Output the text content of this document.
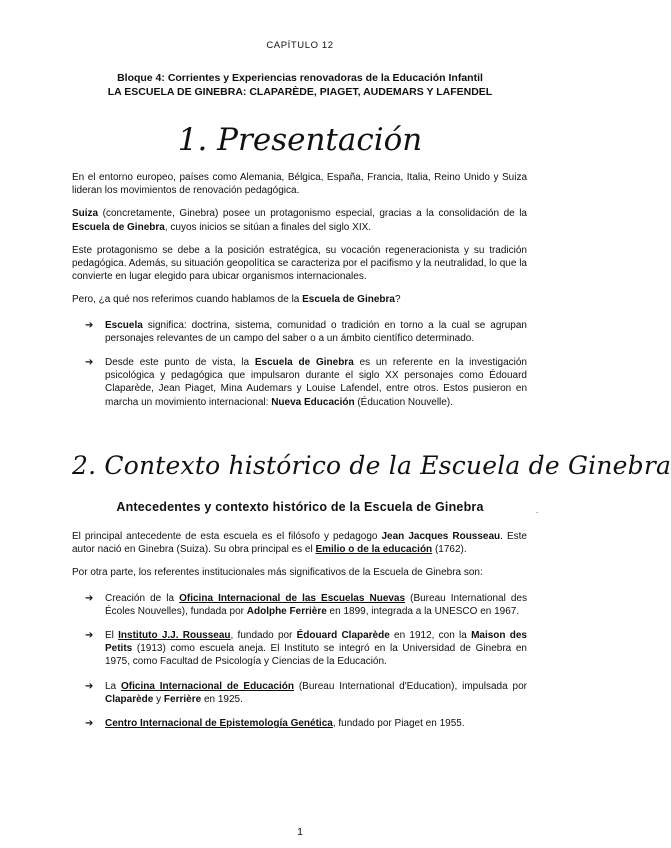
CAPÍTULO 12
Bloque 4: Corrientes y Experiencias renovadoras de la Educación Infantil
LA ESCUELA DE GINEBRA: CLAPARÈDE, PIAGET, AUDEMARS Y LAFENDEL
1. Presentación

En el entorno europeo, países como Alemania, Bélgica, España, Francia, Italia, Reino Unido y Suiza lideran los movimientos de renovación pedagógica.

Suiza (concretamente, Ginebra) posee un protagonismo especial, gracias a la consolidación de la Escuela de Ginebra, cuyos inicios se sitúan a finales del siglo XIX.

Este protagonismo se debe a la posición estratégica, su vocación regeneracionista y su tradición pedagógica. Además, su situación geopolítica se caracteriza por el pacifismo y la neutralidad, lo que la convierte en lugar elegido para ubicar organismos internacionales.

Pero, ¿a qué nos referimos cuando hablamos de la Escuela de Ginebra?

➔ Escuela significa: doctrina, sistema, comunidad o tradición en torno a la cual se agrupan personajes relevantes de un campo del saber o a un ámbito científico determinado.
➔ Desde este punto de vista, la Escuela de Ginebra es un referente en la investigación psicológica y pedagógica que impulsaron durante el siglo XX personajes como Édouard Claparède, Jean Piaget, Mina Audemars y Louise Lafendel, entre otros. Estos pusieron en marcha un movimiento internacional: Nueva Educación (Éducation Nouvelle).
2. Contexto histórico de la Escuela de Ginebra
Antecedentes y contexto histórico de la Escuela de Ginebra	.

El principal antecedente de esta escuela es el filósofo y pedagogo Jean Jacques Rousseau. Este autor nació en Ginebra (Suiza). Su obra principal es el Emilio o de la educación (1762).

Por otra parte, los referentes institucionales más significativos de la Escuela de Ginebra son:

➔ Creación de la Oficina Internacional de las Escuelas Nuevas (Bureau International des Écoles Nouvelles), fundada por Adolphe Ferrière en 1899, integrada a la UNESCO en 1967.
➔ El Instituto J.J. Rousseau, fundado por Édouard Claparède en 1912, con la Maison des Petits (1913) como escuela aneja. El Instituto se integró en la Universidad de Ginebra en 1975, como Facultad de Psicología y Ciencias de la Educación.
➔ La Oficina Internacional de Educación (Bureau International d'Education), impulsada por Claparède y Ferrière en 1925.
➔ Centro Internacional de Epistemología Genética, fundado por Piaget en 1955.
1
